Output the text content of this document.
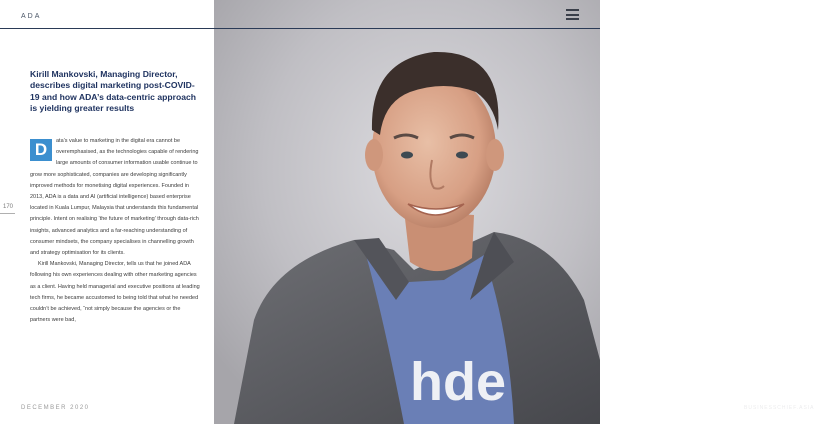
ADA
Kirill Mankovski, Managing Director, describes digital marketing post-COVID-19 and how ADA’s data-centric approach is yielding greater results

D	ata’s value to marketing in the digital era cannot be overemphasised, as the technologies capable of rendering large amounts of consumer information usable continue to grow more sophisticated, companies are developing significantly improved methods for monetising digital experiences. Founded in 2013, ADA is a data and AI (artificial intelligence) based enterprise located in Kuala Lumpur, Malaysia that understands this fundamental principle. Intent on realising ‘the future of marketing’ through data-rich insights, advanced analytics and a far-reaching understanding of consumer mindsets, the company specialises in channelling growth and strategy optimisation for its clients.

Kirill Mankovski, Managing Director, tells us that he joined ADA following his own experiences dealing with other marketing agencies as a client. Having held managerial and executive positions at leading tech firms, he became accustomed to being told that what he needed couldn’t be achieved, “not simply because the agencies or the partners were bad,

170
DECEMBER 2020	hde	BUSINESSCHIEF.ASIA
